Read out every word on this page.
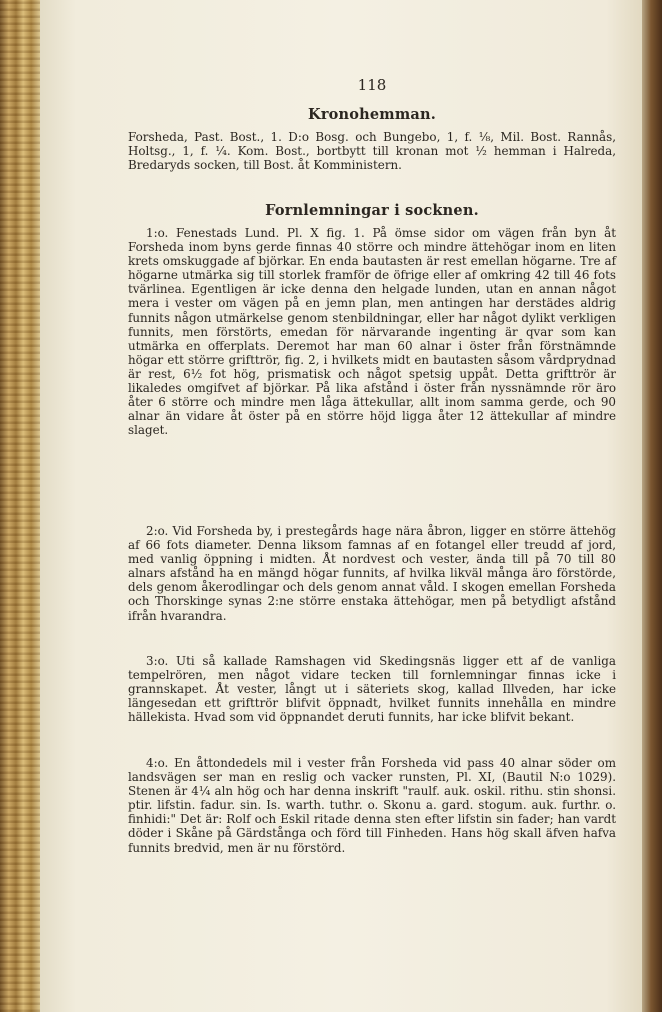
118
Kronohemman.

Forsheda, Past. Bost., 1. D:o Bosg. och Bungebo, 1, f. ⅛, Mil. Bost. Rannås, Holtsg., 1, f. ¼. Kom. Bost., bortbytt till kronan mot ½ hemman i Halreda, Bredaryds socken, till Bost. åt Komministern.

Fornlemningar i socknen.

1:o. Fenestads Lund. Pl. X fig. 1. På ömse sidor om vägen från byn åt Forsheda inom byns gerde finnas 40 större och mindre ättehögar inom en liten krets omskuggade af björkar. En enda bautasten är rest emellan högarne. Tre af högarne utmärka sig till storlek framför de öfrige eller af omkring 42 till 46 fots tvärlinea. Egentligen är icke denna den helgade lunden, utan en annan något mera i vester om vägen på en jemn plan, men antingen har derstädes aldrig funnits någon utmärkelse genom stenbildningar, eller har något dylikt verkligen funnits, men förstörts, emedan för närvarande ingenting är qvar som kan utmärka en offerplats. Deremot har man 60 alnar i öster från förstnämnde högar ett större grifttrör, fig. 2, i hvilkets midt en bautasten såsom vårdprydnad är rest, 6½ fot hög, prismatisk och något spetsig uppåt. Detta grifttrör är likaledes omgifvet af björkar. På lika afstånd i öster från nyssnämnde rör äro åter 6 större och mindre men låga ättekullar, allt inom samma gerde, och 90 alnar än vidare åt öster på en större höjd ligga åter 12 ättekullar af mindre slaget.

2:o. Vid Forsheda by, i prestegårds hage nära åbron, ligger en större ättehög af 66 fots diameter. Denna liksom famnas af en fotangel eller treudd af jord, med vanlig öppning i midten. Åt nordvest och vester, ända till på 70 till 80 alnars afstånd ha en mängd högar funnits, af hvilka likväl många äro förstörde, dels genom åkerodlingar och dels genom annat våld. I skogen emellan Forsheda och Thorskinge synas 2:ne större enstaka ättehögar, men på betydligt afstånd ifrån hvarandra.

3:o. Uti så kallade Ramshagen vid Skedingsnäs ligger ett af de vanliga tempelrören, men något vidare tecken till fornlemningar finnas icke i grannskapet. Åt vester, långt ut i säteriets skog, kallad Illveden, har icke längesedan ett grifttrör blifvit öppnadt, hvilket funnits innehålla en mindre hällekista. Hvad som vid öppnandet deruti funnits, har icke blifvit bekant.

4:o. En åttondedels mil i vester från Forsheda vid pass 40 alnar söder om landsvägen ser man en reslig och vacker runsten, Pl. XI, (Bautil N:o 1029). Stenen är 4¼ aln hög och har denna inskrift "raulf. auk. oskil. rithu. stin shonsi. ptir. lifstin. fadur. sin. Is. warth. tuthr. o. Skonu a. gard. stogum. auk. furthr. o. finhidi:" Det är: Rolf och Eskil ritade denna sten efter lifstin sin fader; han vardt döder i Skåne på Gärdstånga och förd till Finheden. Hans hög skall äfven hafva funnits bredvid, men är nu förstörd.
